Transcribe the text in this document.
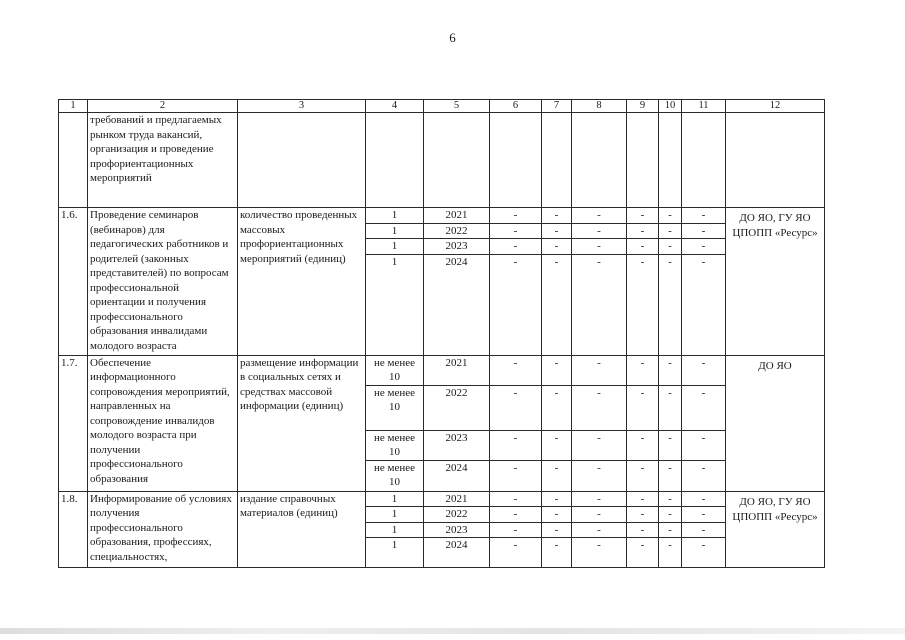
6
1	2	3	4	5	6	7	8	9	10	11	12
	требований и предлагаемых рынком труда вакансий, организация и проведение профориентационных мероприятий										
1.6.	Проведение семинаров (вебинаров) для педагогических работников и родителей (законных представителей) по вопросам профессиональной ориентации и получения профессионального образования инвалидами молодого возраста	количество проведенных массовых профориентационных мероприятий (единиц)	1	2021	-	-	-	-	-	-	ДО ЯО, ГУ ЯО ЦПОПП «Ресурс»
			1	2022	-	-	-	-	-	-	
			1	2023	-	-	-	-	-	-	
			1	2024	-	-	-	-	-	-	
1.7.	Обеспечение информационного сопровождения мероприятий, направленных на сопровождение инвалидов молодого возраста при получении профессионального образования	размещение информации в социальных сетях и средствах массовой информации (единиц)	не менее 10	2021	-	-	-	-	-	-	ДО ЯО
			не менее 10	2022	-	-	-	-	-	-	
			не менее 10	2023	-	-	-	-	-	-	
			не менее 10	2024	-	-	-	-	-	-	
1.8.	Информирование об условиях получения профессионального образования, профессиях, специальностях,	издание справочных материалов (единиц)	1	2021	-	-	-	-	-	-	ДО ЯО, ГУ ЯО ЦПОПП «Ресурс»
			1	2022	-	-	-	-	-	-	
			1	2023	-	-	-	-	-	-	
			1	2024	-	-	-	-	-	-	
